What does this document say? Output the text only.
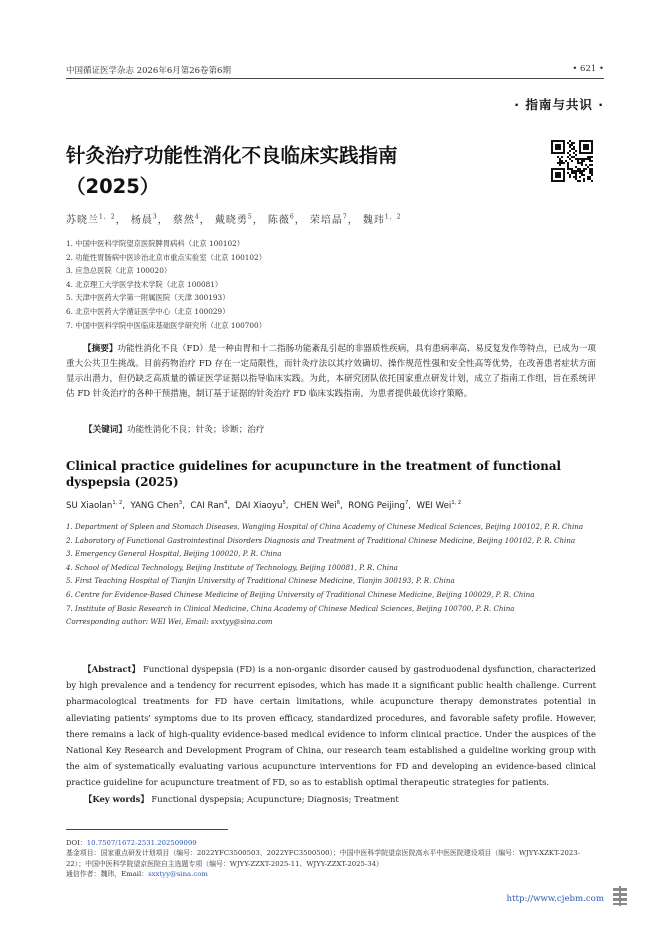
中国循证医学杂志 2026年6月第26卷第6期	• 621 •
· 指南与共识 ·
针灸治疗功能性消化不良临床实践指南
（2025）
苏晓兰$^{1,2}$， 杨晨$^3$， 蔡然$^4$， 戴晓勇$^5$， 陈薇$^6$， 荣培晶$^7$， 魏玮$^{1,2}$
1. 中国中医科学院望京医院脾胃病科（北京 100102）
2. 功能性胃肠病中医诊治北京市重点实验室（北京 100102）
3. 应急总医院（北京 100020）
4. 北京理工大学医学技术学院（北京 100081）
5. 天津中医药大学第一附属医院（天津 300193）
6. 北京中医药大学循证医学中心（北京 100029）
7. 中国中医科学院中医临床基础医学研究所（北京 100700）
【摘要】功能性消化不良（FD）是一种由胃和十二指肠功能紊乱引起的非器质性疾病，具有患病率高、易反复发作等特点，已成为一项重大公共卫生挑战。目前药物治疗 FD 存在一定局限性，而针灸疗法以其疗效确切、操作规范性强和安全性高等优势，在改善患者症状方面显示出潜力，但仍缺乏高质量的循证医学证据以指导临床实践。为此，本研究团队依托国家重点研发计划，成立了指南工作组，旨在系统评估 FD 针灸治疗的各种干预措施，制订基于证据的针灸治疗 FD 临床实践指南，为患者提供最优诊疗策略。
【关键词】功能性消化不良；针灸；诊断；治疗
Clinical practice guidelines for acupuncture in the treatment of functional dyspepsia (2025)
SU Xiaolan$^{1, 2}$,  YANG Chen$^3$,  CAI Ran$^4$,  DAI Xiaoyu$^5$,  CHEN Wei$^6$,  RONG Peijing$^7$,  WEI Wei$^{1, 2}$
1. Department of Spleen and Stomach Diseases, Wangjing Hospital of China Academy of Chinese Medical Sciences, Beijing 100102, P. R. China
2. Laboratory of Functional Gastrointestinal Disorders Diagnosis and Treatment of Traditional Chinese Medicine, Beijing 100102, P. R. China
3. Emergency General Hospital, Beijing 100020, P. R. China
4. School of Medical Technology, Beijing Institute of Technology, Beijing 100081, P. R. China
5. First Teaching Hospital of Tianjin University of Traditional Chinese Medicine, Tianjin 300193, P. R. China
6. Centre for Evidence-Based Chinese Medicine of Beijing University of Traditional Chinese Medicine, Beijing 100029, P. R. China
7. Institute of Basic Research in Clinical Medicine, China Academy of Chinese Medical Sciences, Beijing 100700, P. R. China
Corresponding author: WEI Wei, Email: sxxtyy@sina.com
【Abstract】 Functional dyspepsia (FD) is a non-organic disorder caused by gastroduodenal dysfunction, characterized by high prevalence and a tendency for recurrent episodes, which has made it a significant public health challenge. Current pharmacological treatments for FD have certain limitations, while acupuncture therapy demonstrates potential in alleviating patients' symptoms due to its proven efficacy, standardized procedures, and favorable safety profile. However, there remains a lack of high-quality evidence-based medical evidence to inform clinical practice. Under the auspices of the National Key Research and Development Program of China, our research team established a guideline working group with the aim of systematically evaluating various acupuncture interventions for FD and developing an evidence-based clinical practice guideline for acupuncture treatment of FD, so as to establish optimal therapeutic strategies for patients.
【Key words】 Functional dyspepsia; Acupuncture; Diagnosis; Treatment
DOI：10.7507/1672-2531.202509099
基金项目：国家重点研发计划项目（编号：2022YFC3500503、2022YFC3500500）；中国中医科学院望京医院高水平中医医院建设项目（编号：WJYY-XZKT-2023-22）；中国中医科学院望京医院自主选题专项（编号：WJYY-ZZXT-2025-11、WJYY-ZZXT-2025-34）
通信作者：魏玮，Email：sxxtyy@sina.com
http://www.cjebm.com
